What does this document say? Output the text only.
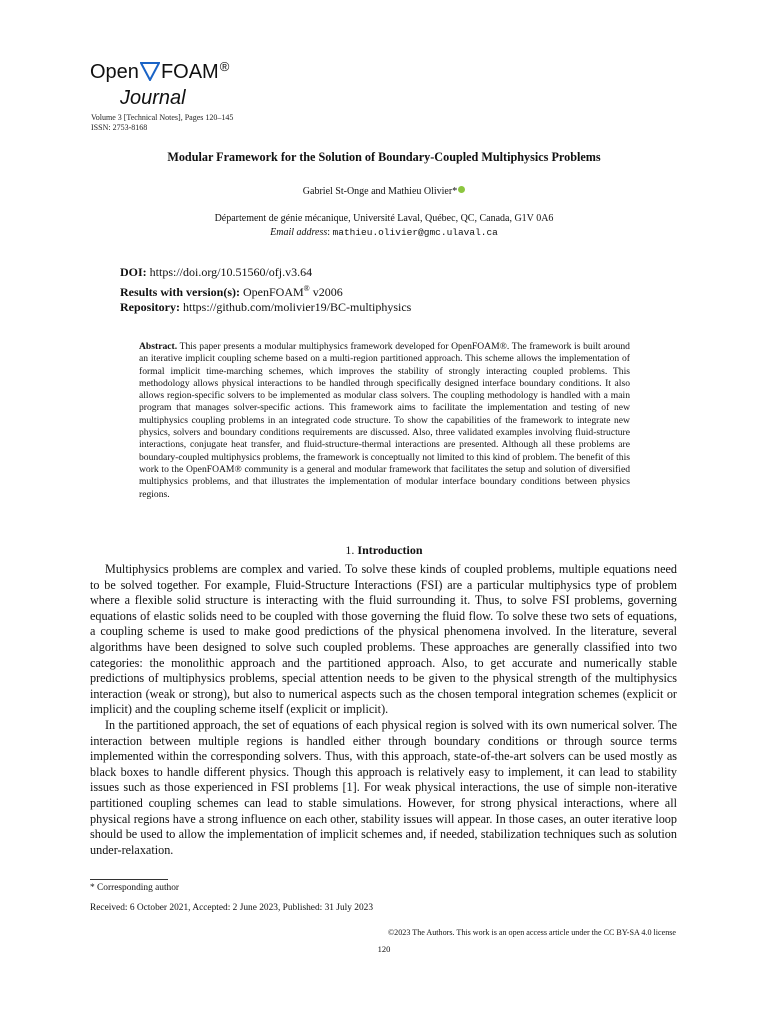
Open FOAM ®
Journal
Volume 3 [Technical Notes], Pages 120–145
ISSN: 2753-8168
Modular Framework for the Solution of Boundary-Coupled Multiphysics Problems
Gabriel St-Onge and Mathieu Olivier*
Département de génie mécanique, Université Laval, Québec, QC, Canada, G1V 0A6
Email address: mathieu.olivier@gmc.ulaval.ca
DOI: https://doi.org/10.51560/ofj.v3.64
Results with version(s): OpenFOAM® v2006
Repository: https://github.com/molivier19/BC-multiphysics
Abstract. This paper presents a modular multiphysics framework developed for OpenFOAM®. The framework is built around an iterative implicit coupling scheme based on a multi-region partitioned approach. This scheme allows the implementation of formal implicit time-marching schemes, which improves the stability of strongly interacting coupled problems. This methodology allows physical interactions to be handled through specifically designed interface boundary conditions. It also allows region-specific solvers to be implemented as modular class solvers. The coupling methodology is handled with a main program that manages solver-specific actions. This framework aims to facilitate the implementation and testing of new multiphysics coupling problems in an integrated code structure. To show the capabilities of the framework to integrate new physics, solvers and boundary conditions requirements are discussed. Also, three validated examples involving fluid-structure interactions, conjugate heat transfer, and fluid-structure-thermal interactions are presented. Although all these problems are boundary-coupled multiphysics problems, the framework is conceptually not limited to this kind of problem. The benefit of this work to the OpenFOAM® community is a general and modular framework that facilitates the setup and solution of diversified multiphysics problems, and that illustrates the implementation of modular interface boundary conditions between physics regions.
1. Introduction

Multiphysics problems are complex and varied. To solve these kinds of coupled problems, multiple equations need to be solved together. For example, Fluid-Structure Interactions (FSI) are a particular multiphysics type of problem where a flexible solid structure is interacting with the fluid surrounding it. Thus, to solve FSI problems, governing equations of elastic solids need to be coupled with those governing the fluid flow. To solve these two sets of equations, a coupling scheme is used to make good predictions of the physical phenomena involved. In the literature, several algorithms have been designed to solve such coupled problems. These approaches are generally classified into two categories: the monolithic approach and the partitioned approach. Also, to get accurate and numerically stable predictions of multiphysics problems, special attention needs to be given to the physical strength of the multiphysics interaction (weak or strong), but also to numerical aspects such as the chosen temporal integration schemes (explicit or implicit) and the coupling scheme itself (explicit or implicit).

In the partitioned approach, the set of equations of each physical region is solved with its own numerical solver. The interaction between multiple regions is handled either through boundary conditions or through source terms implemented within the corresponding solvers. Thus, with this approach, state-of-the-art solvers can be used mostly as black boxes to handle different physics. Though this approach is relatively easy to implement, it can lead to stability issues such as those experienced in FSI problems [1]. For weak physical interactions, the use of simple non-iterative partitioned coupling schemes can lead to stable simulations. However, for strong physical interactions, where all physical regions have a strong influence on each other, stability issues will appear. In those cases, an outer iterative loop should be used to allow the implementation of implicit schemes and, if needed, stabilization techniques such as solution under-relaxation.

* Corresponding author
Received: 6 October 2021, Accepted: 2 June 2023, Published: 31 July 2023
©2023 The Authors. This work is an open access article under the CC BY-SA 4.0 license
120
